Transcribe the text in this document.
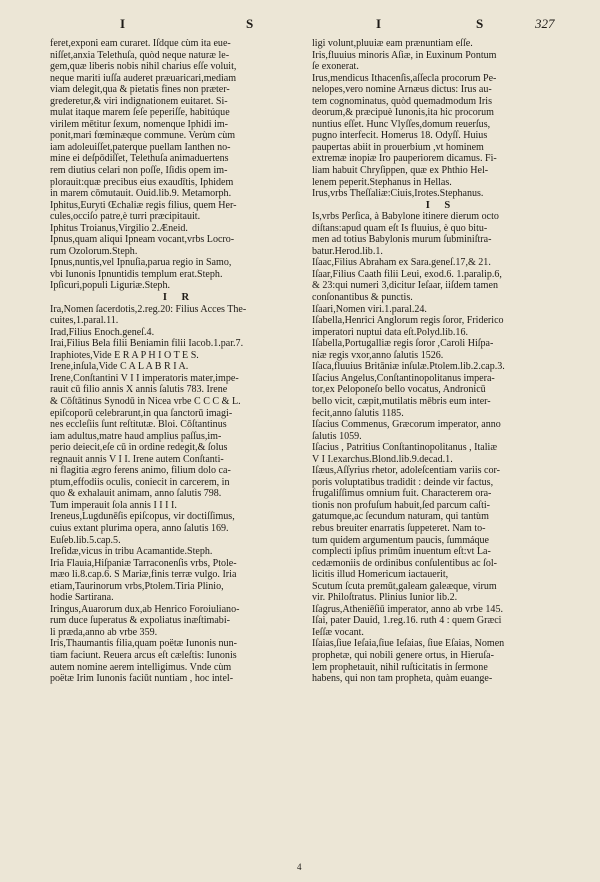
I	S	I	S	327
feret,exponi eam curaret. Iſdque cùm ita eue-
niſſet,anxia Telethuſa, quòd neque naturæ le-
gem,quæ liberis nobis nihil charius eſſe voluit,
neque mariti iuſſa auderet præuaricari,mediam
viam delegit,qua & pietatis fines non præter-
grederetur,& viri indignationem euitaret. Si-
mulat itaque marem ſeſe peperiſſe, habitúque
virilem mētitur ſexum, nomenque Iphidi im-
ponit,mari fœminæque commune. Verùm cùm
iam adoleuiſſet,paterque puellam Ianthen no-
mine ei deſpōdiſſet, Telethuſa animaduertens
rem diutius celari non poſſe, Iſidis opem im-
plorauit:quæ precibus eius exaudītis, Iphidem
in marem cōmutauit. Ouid.lib.9. Metamorph.
Iphitus,Euryti Œchaliæ regis filius, quem Her-
cules,occiſo patre,è turri præcipitauit.
Iphitus Troianus,Virgilio 2.Æneid.
Ipnus,quam aliqui Ipneam vocant,vrbs Locro-
rum Ozolorum.Steph.
Ipnus,nuntis,vel Ipnuſia,parua regio in Samo,
vbi Iunonis Ipnuntidis templum erat.Steph.
Ipſicuri,populi Liguriæ.Steph.
I R
Ira,Nomen ſacerdotis,2.reg.20: Filius Acces The-
cuites,1.paral.11.
Irad,Filius Enoch.geneſ.4.
Irai,Filius Bela filii Beniamin filii Iacob.1.par.7.
Iraphiotes,Vide E R A P H I O T E S.
Irene,inſula,Vide C A L A B R I A.
Irene,Conſtantini V I I imperatoris mater,impe-
rauit cū filio annis X annis ſalutis 783. Irene
& Cōſtātinus Synodū in Nicea vrbe C C C & L.
epiſcoporū celebrarunt,in qua ſanctorū imagi-
nes eccleſiis ſunt reſtitutæ. Bloi. Cōſtantinus
iam adultus,matre haud amplius paſſus,im-
perio deiecit,eſe cū in ordine redegit,& ſolus
regnauit annis V I I. Irene autem Conſtanti-
ni flagitia ægro ferens animo, filium dolo ca-
ptum,effodiis oculis, coniecit in carcerem, in
quo & exhalauit animam, anno ſalutis 798.
Tum imperauit ſola annis I I I I.
Ireneus,Lugdunēſis epiſcopus, vir doctiſſimus,
cuius extant plurima opera, anno ſalutis 169.
Euſeb.lib.5.cap.5.
Ireſidæ,vicus in tribu Acamantide.Steph.
Iria Flauia,Hiſpaniæ Tarraconenſis vrbs, Ptole-
mæo li.8.cap.6. S Mariæ,finis terræ vulgo. Iria
etiam,Taurinorum vrbs,Ptolem.Tiria Plinio,
hodie Sartirana.
Iringus,Auarorum dux,ab Henrico Foroiuliano-
rum duce ſuperatus & expoliatus inæſtimabi-
li præda,anno ab vrbe 359.
Iris,Thaumantis filia,quam poëtæ Iunonis nun-
tiam faciunt. Reuera arcus eſt cæleſtis: Iunonis
autem nomine aerem intelligimus. Vnde cùm
poëtæ Irim Iunonis faciūt nuntiam , hoc intel-
ligi volunt,pluuiæ eam prænuntiam eſſe.
Iris,fluuius minoris Aſiæ, in Euxinum Pontum
ſe exonerat.
Irus,mendicus Ithacenſis,aſſecla procorum Pe-
nelopes,vero nomine Arnæus dictus: Irus au-
tem cognominatus, quòd quemadmodum Iris
deorum,& præcipuè Iunonis,ita hic procorum
nuntius eſſet. Hunc Vlyſſes,domum reuerſus,
pugno interfecit. Homerus 18. Odyſſ. Huius
paupertas abiit in prouerbium ,vt hominem
extremæ inopiæ Iro pauperiorem dicamus. Fi-
liam habuit Chryſippen, quæ ex Phthio Hel-
lenem peperit.Stephanus in Hellas.
Irus,vrbs Theſſaliæ:Ciuis,Irotes.Stephanus.
I S
Is,vrbs Perſica, à Babylone itinere dierum octo
diſtans:apud quam eſt Is fluuius, è quo bitu-
men ad totius Babylonis murum ſubminiſtra-
batur.Herod.lib.1.
Iſaac,Filius Abraham ex Sara.geneſ.17,& 21.
Iſaar,Filius Caath filii Leui, exod.6. 1.paralip.6,
& 23:qui numeri 3,dicitur Ieſaar, iiſdem tamen
conſonantibus & punctis.
Iſaari,Nomen viri.1.paral.24.
Iſabella,Henrici Anglorum regis ſoror, Friderico
imperatori nuptui data eſt.Polyd.lib.16.
Iſabella,Portugalliæ regis ſoror ,Caroli Hiſpa-
niæ regis vxor,anno ſalutis 1526.
Iſaca,fluuius Britāniæ inſulæ.Ptolem.lib.2.cap.3.
Iſacius Angelus,Conſtantinopolitanus impera-
tor,ex Peloponeſo bello vocatus, Andronicū
bello vicit, cæpit,mutilatis mēbris eum inter-
fecit,anno ſalutis 1185.
Iſacius Commenus, Græcorum imperator, anno
ſalutis 1059.
Iſacius , Patritius Conſtantinopolitanus , Italiæ
V I I.exarchus.Blond.lib.9.decad.1.
Iſæus,Aſſyrius rhetor, adoleſcentiam variis cor-
poris voluptatibus tradidit : deinde vir factus,
frugaliſſimus omnium fuit. Characterem ora-
tionis non profuſum habuit,ſed parcum caſti-
gatumque,ac ſecundum naturam, qui tantùm
rebus breuiter enarratis ſuppeteret. Nam to-
tum quidem argumentum paucis, ſummáque
complecti ipſius primūm inuentum eſt:vt La-
cedæmoniis de ordinibus conſulentibus ac ſol-
licitis illud Homericum iactauerit,
Scutum ſcuta premūt,galeam galeæque, virum
vir. Philoſtratus. Plinius Iunior lib.2.
Iſagrus,Atheniēſiū imperator, anno ab vrbe 145.
Iſai, pater Dauid, 1.reg.16. ruth 4 : quem Græci
Ieſſæ vocant.
Iſaias,ſiue Ieſaia,ſiue Ieſaias, ſiue Eſaias, Nomen
prophetæ, qui nobili genere ortus, in Hieruſa-
lem prophetauit, nihil ruſticitatis in ſermone
habens, qui non tam propheta, quàm euange-
4
